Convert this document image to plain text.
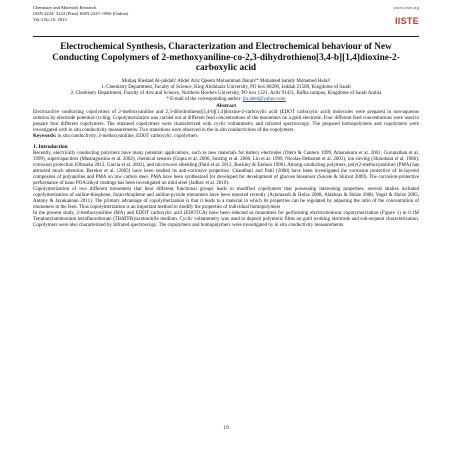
Chemistry and Materials Research
ISSN 2224- 3224 (Print) ISSN 2225- 0956 (Online)
Vol.3 No.10, 2013
www.iiste.org
IISTE
Electrochemical Synthesis, Characterization and Electrochemical behaviour of New Conducting Copolymers of 2-methoxyaniline-co-2,3-dihydrothieno[3,4-b][1,4]dioxine-2-carboxylic acid
Mutlaq Shedaid Al-jahdali¹ Abdel Aziz Qasem Mohammad Jbarah²* Mohamed hamdy Mohamed Helal¹
1. Chemistry Department, Faculty of Science, King Abdulaziz University, PO box 80200, Jeddah 21589, Kingdome of Saudi
2. Chemistry Department, Faculty of Arts and Science, Northern Borders University, PO box 1321, ArAr 91431, Rafha campus, Kingdome of Saudi Arabia
* E-mail of the corresponding author: jbr.abed@yahoo.com
Abstract
Electroactive conducting copolymers of 2-methoxyaniline and 2,3-dihydrothieno[3,4-b][1,4]dioxine-2-carboxylic acid (EDOT carboxylic acid) molecules were prepared in non-aqueous solution by electrode potential cycling. Copolymerization was carried out at different feed concentrations of the monomers on a gold electrode. Four different feed concentrations were used to prepare four different copolymers. The obtained copolymers were characterized with cyclic voltammetry and infrared spectroscopy. The prepared homopolymers and copolymers were investigated with in situ conductivity measurements. Two transitions were observed in the in situ conductivities of the copolymers.
Keywords: in situ conductivity, 2-methoxyaniline, EDOT carboxylic, copolymers
1. Introduction
Recently, electrically conducting polymers have many potential applications, such as new materials for battery electrodes (Otero & Cantero 1999, Amanokura et al. 2001, Gurunathan et al. 1999), supercapacitors (Mastragostino et al. 2002), chemical sensors (Gupta et al. 2006, Sotzing et al. 2000, Lin et al. 1999, Nicolas-Debarnot et al. 2003), ion sieving (Shinohara et al. 1986), corrosion protection (Ohtsuka 2012, Garcia et al. 2002), and microwave shielding (Patil et al. 2012, Buckley & Eashoo 1996). Among conducting polymers, poly(2-methoxyaniline) (PMA) has attracted much attention. Bereket et al. (2005) have been studied its anti-corrosive properties. Chaudhari and Patil (2008) have been investigated the corrosion protective of bi-layered composites of polyaniline and PMA on low carbon steel. PMA have been synthesized for developed for development of glucose biosensor (Savale & Shirsat 2009). The corrosion-protective performance of nano POA/alkyd coatings has been investigated on mild steel (Jadhav et al. 2010).
Copolymerization of two different monomers that bear different functional groups leads to modified copolymers that possessing interesting properties. several studies included copolymerization of aniline-thiophene, furan-thiophene and aniline-pyrrole monomers have been reported recently (Arjomandi & Holze 2008, Alakhras & Holze 2008, Vogel & Holze 2005, Antony & Jayakannan 2011). The primary advantage of copolymerization is that it leads to a material in which its properties can be regulated by adjusting the ratio of the concentration of monomers in the feed. Thus copolymerization is an important method to modify the properties of individual homopolymers
In the present study, 2-methoxyaniline (MA) and EDOT carboxylic acid (EDOTCA) have been selected as monomers for performing electrochemical copolymerization (Figure 1) in 0.1M Tetrabutylammonium tetrafluoroborate (TBATFB)/acetonitrile medium. Cyclic voltammetry was used to deposit polymeric films on gold working electrode and sub-sequent characterization. Copolymers were also characterized by Infrared spectroscopy. The copolymers and homopolymers were investigated by in situ conductivity measurements.
19
